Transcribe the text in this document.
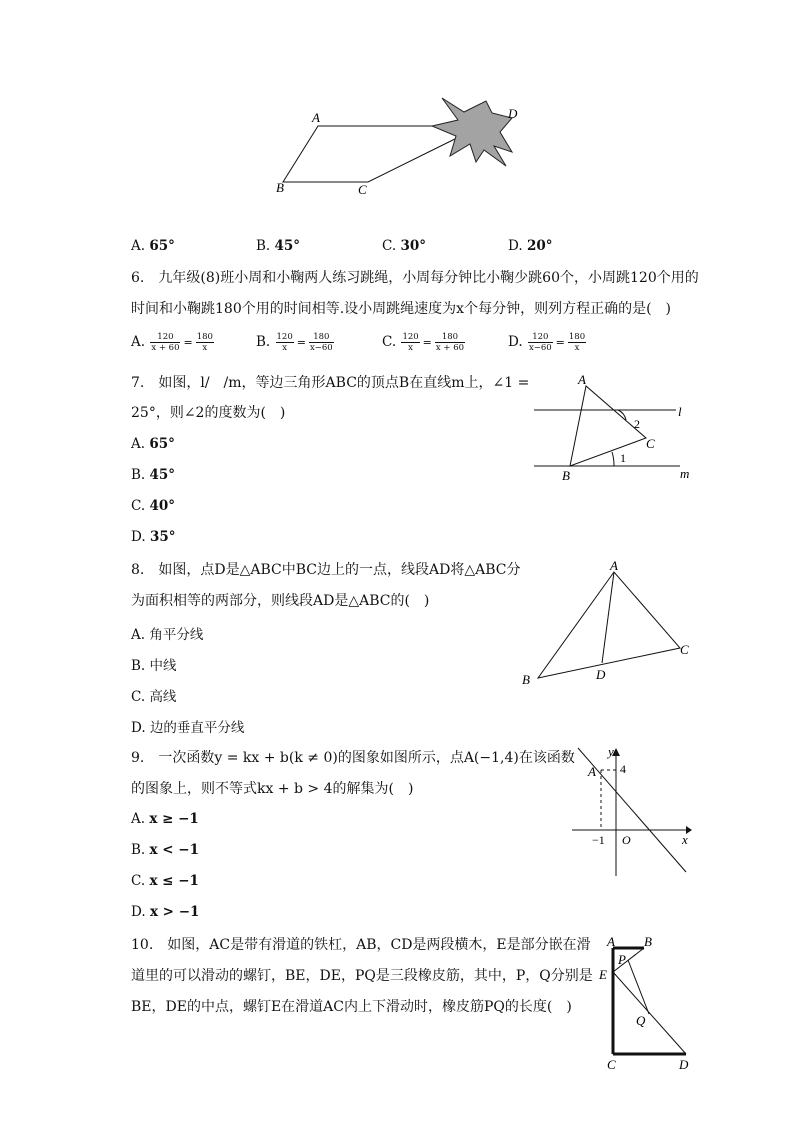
A	D
B	C
A. 65°	B. 45°	C. 30°	D. 20°
6. 九年级(8)班小周和小鞠两人练习跳绳，小周每分钟比小鞠少跳60个，小周跳120个用的
时间和小鞠跳180个用的时间相等.设小周跳绳速度为x个每分钟，则列方程正确的是( )
A. $\frac{120}{x + 60} = \frac{180}{x}$	B. $\frac{120}{x} = \frac{180}{x-60}$	C. $\frac{120}{x} = \frac{180}{x + 60}$	D. $\frac{120}{x-60} = \frac{180}{x}$
7. 如图，l/ /m，等边三角形ABC的顶点B在直线m上，∠1 =
25°，则∠2的度数为( )
A
B
C
l
m
1
2
A. 65°
B. 45°
C. 40°
D. 35°
8. 如图，点D是△ABC中BC边上的一点，线段AD将△ABC分
为面积相等的两部分，则线段AD是△ABC的( )
A
B
C
D
A. 角平分线
B. 中线
C. 高线
D. 边的垂直平分线
9. 一次函数y = kx + b(k ≠ 0)的图象如图所示，点A(−1,4)在该函数
的图象上，则不等式kx + b > 4的解集为( )
y
x
A 4
−1 O
A. x ≥ −1
B. x < −1
C. x ≤ −1
D. x > −1
10. 如图，AC是带有滑道的铁杠，AB，CD是两段横木，E是部分嵌在滑
道里的可以滑动的螺钉，BE，DE，PQ是三段橡皮筋，其中，P，Q分别是
BE，DE的中点，螺钉E在滑道AC内上下滑动时，橡皮筋PQ的长度( )
A B
P
E
Q
C	D
